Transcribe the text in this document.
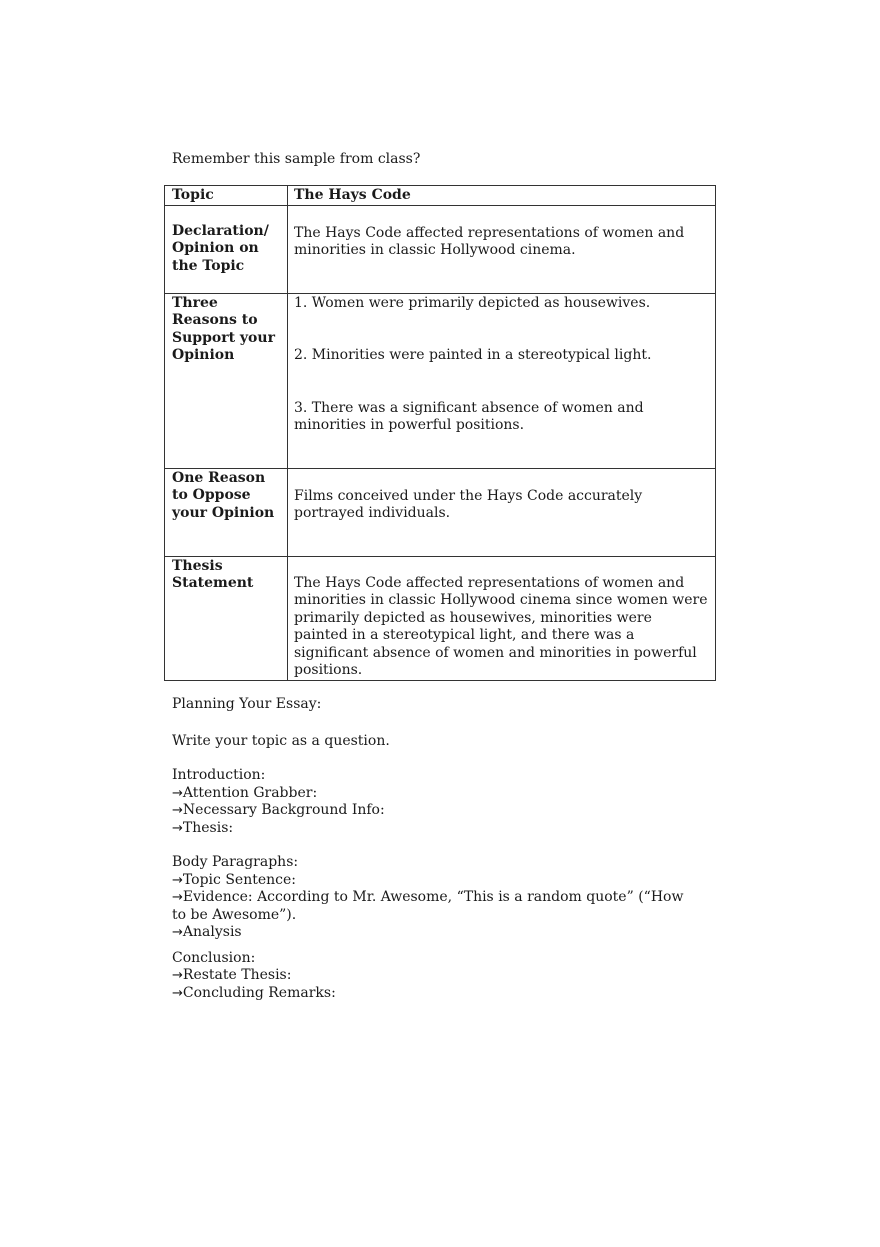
Remember this sample from class?
Topic	The Hays Code

Declaration/ Opinion on the Topic	The Hays Code affected representations of women and minorities in classic Hollywood cinema.

Three Reasons to Support your Opinion	1. Women were primarily depicted as housewives.

2. Minorities were painted in a stereotypical light.

3. There was a significant absence of women and minorities in powerful positions.

One Reason to Oppose your Opinion	Films conceived under the Hays Code accurately portrayed individuals.

Thesis Statement	The Hays Code affected representations of women and minorities in classic Hollywood cinema since women were primarily depicted as housewives, minorities were painted in a stereotypical light, and there was a significant absence of women and minorities in powerful positions.

Planning Your Essay:

Write your topic as a question.

Introduction:

→Attention Grabber:

→Necessary Background Info:

→Thesis:

Body Paragraphs:

→Topic Sentence:

→Evidence: According to Mr. Awesome, “This is a random quote” (“How to be Awesome”).

→Analysis

Conclusion:

→Restate Thesis:

→Concluding Remarks:
